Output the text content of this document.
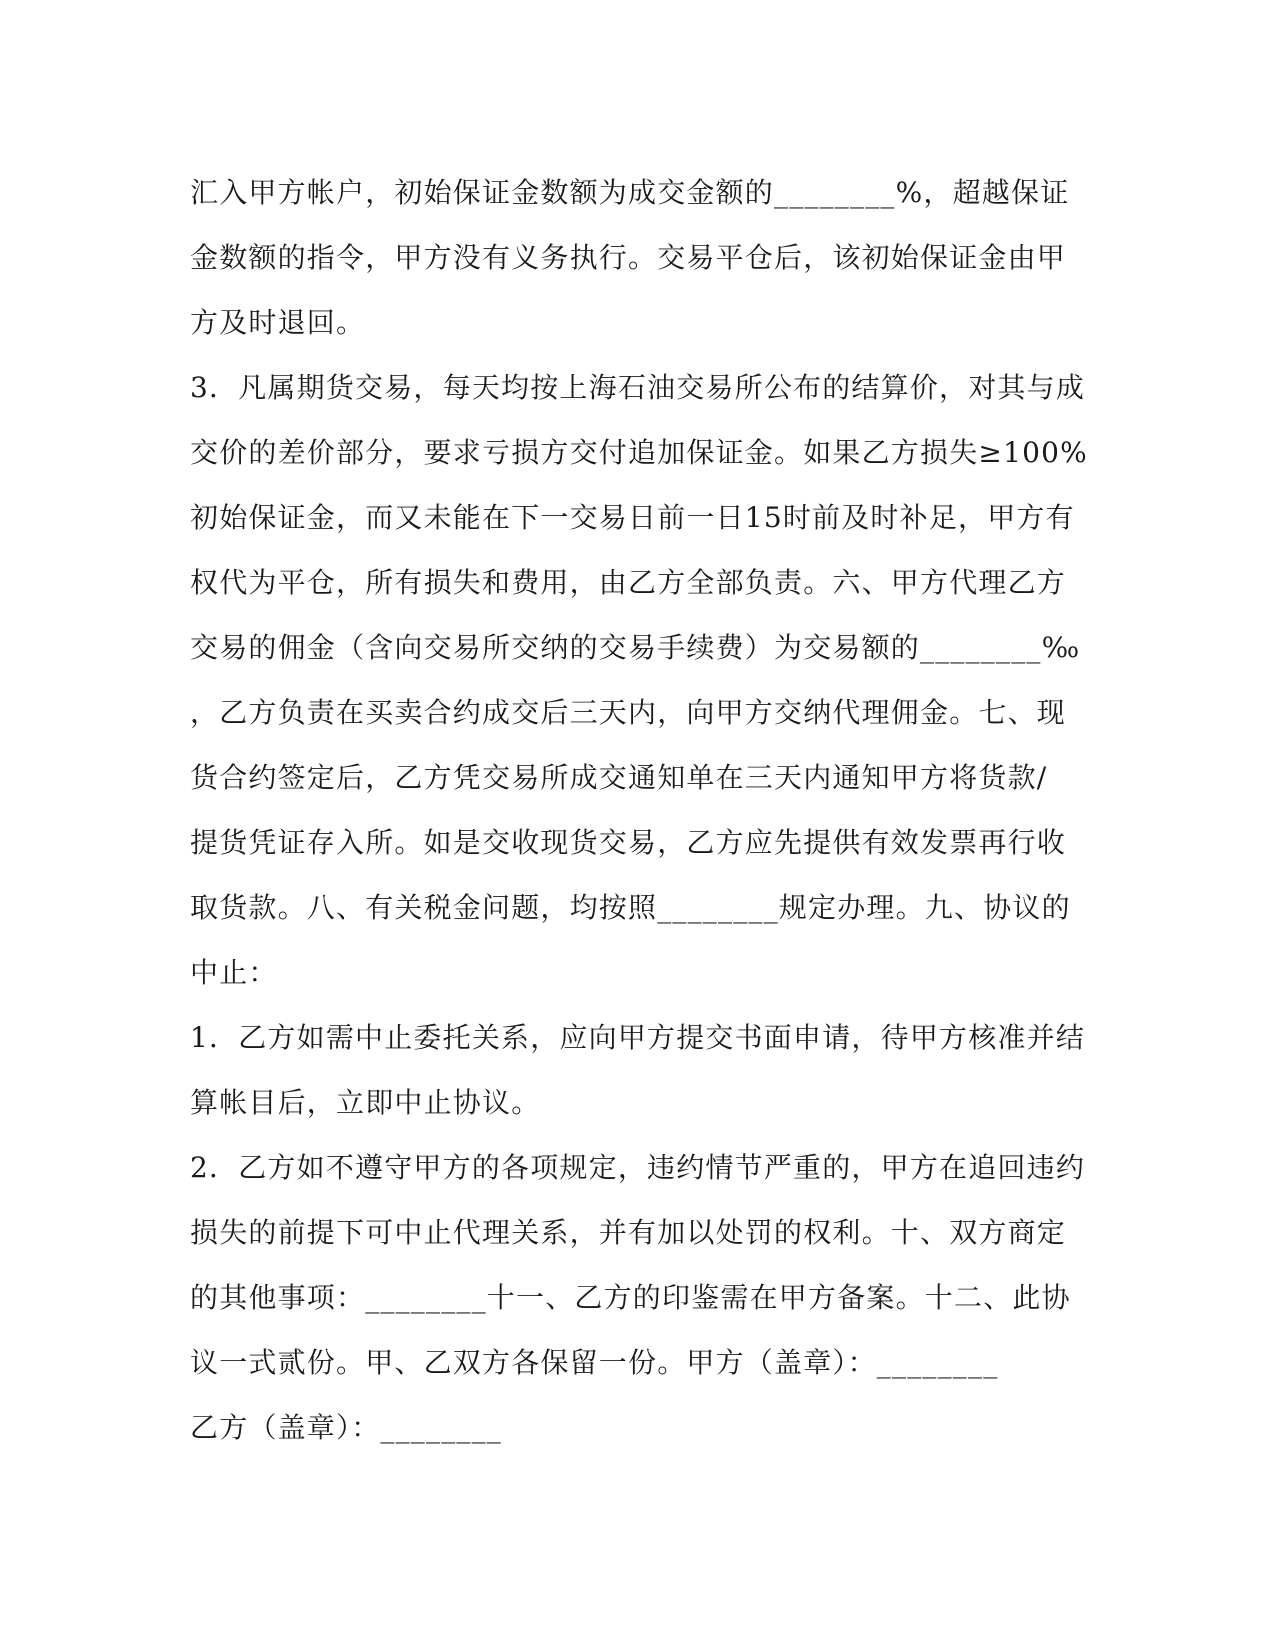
汇入甲方帐户，初始保证金数额为成交金额的________%，超越保证
金数额的指令，甲方没有义务执行。交易平仓后，该初始保证金由甲
方及时退回。
3．凡属期货交易，每天均按上海石油交易所公布的结算价，对其与成
交价的差价部分，要求亏损方交付追加保证金。如果乙方损失≥100%
初始保证金，而又未能在下一交易日前一日15时前及时补足，甲方有
权代为平仓，所有损失和费用，由乙方全部负责。六、甲方代理乙方
交易的佣金（含向交易所交纳的交易手续费）为交易额的________‰
，乙方负责在买卖合约成交后三天内，向甲方交纳代理佣金。七、现
货合约签定后，乙方凭交易所成交通知单在三天内通知甲方将货款/
提货凭证存入所。如是交收现货交易，乙方应先提供有效发票再行收
取货款。八、有关税金问题，均按照________规定办理。九、协议的
中止：
1．乙方如需中止委托关系，应向甲方提交书面申请，待甲方核准并结
算帐目后，立即中止协议。
2．乙方如不遵守甲方的各项规定，违约情节严重的，甲方在追回违约
损失的前提下可中止代理关系，并有加以处罚的权利。十、双方商定
的其他事项：________十一、乙方的印鉴需在甲方备案。十二、此协
议一式贰份。甲、乙双方各保留一份。甲方（盖章）：________
乙方（盖章）：________
